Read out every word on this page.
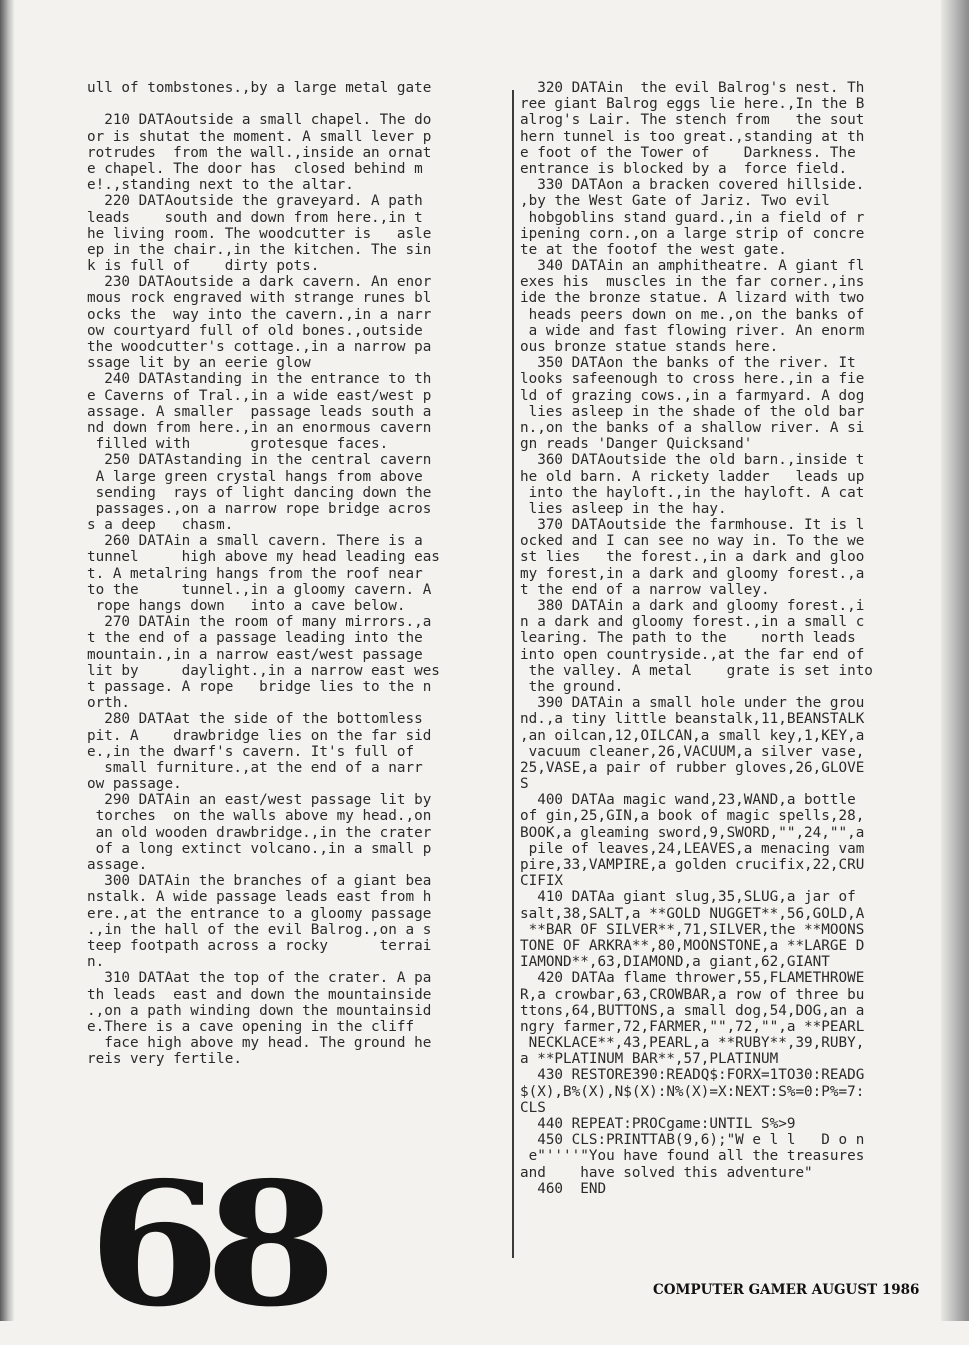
ull of tombstones.,by a large metal gate
210 DATAoutside a small chapel. The do
or is shutat the moment. A small lever p
rotrudes  from the wall.,inside an ornat
e chapel. The door has  closed behind m
e!.,standing next to the altar.
220 DATAoutside the graveyard. A path
leads    south and down from here.,in t
he living room. The woodcutter is   asle
ep in the chair.,in the kitchen. The sin
k is full of    dirty pots.
230 DATAoutside a dark cavern. An enor
mous rock engraved with strange runes bl
ocks the  way into the cavern.,in a narr
ow courtyard full of old bones.,outside
the woodcutter's cottage.,in a narrow pa
ssage lit by an eerie glow
240 DATAstanding in the entrance to th
e Caverns of Tral.,in a wide east/west p
assage. A smaller  passage leads south a
nd down from here.,in an enormous cavern
filled with       grotesque faces.
250 DATAstanding in the central cavern
A large green crystal hangs from above
sending  rays of light dancing down the
passages.,on a narrow rope bridge acros
s a deep   chasm.
260 DATAin a small cavern. There is a
tunnel     high above my head leading eas
t. A metalring hangs from the roof near
to the     tunnel.,in a gloomy cavern. A
rope hangs down   into a cave below.
270 DATAin the room of many mirrors.,a
t the end of a passage leading into the
mountain.,in a narrow east/west passage
lit by     daylight.,in a narrow east wes
t passage. A rope   bridge lies to the n
orth.
280 DATAat the side of the bottomless
pit. A    drawbridge lies on the far sid
e.,in the dwarf's cavern. It's full of
small furniture.,at the end of a narr
ow passage.
290 DATAin an east/west passage lit by
torches  on the walls above my head.,on
an old wooden drawbridge.,in the crater
of a long extinct volcano.,in a small p
assage.
300 DATAin the branches of a giant bea
nstalk. A wide passage leads east from h
ere.,at the entrance to a gloomy passage
.,in the hall of the evil Balrog.,on a s
teep footpath across a rocky      terrai
n.
310 DATAat the top of the crater. A pa
th leads  east and down the mountainside
.,on a path winding down the mountainsid
e.There is a cave opening in the cliff
face high above my head. The ground he
reis very fertile.
320 DATAin  the evil Balrog's nest. Th
ree giant Balrog eggs lie here.,In the B
alrog's Lair. The stench from   the sout
hern tunnel is too great.,standing at th
e foot of the Tower of    Darkness. The
entrance is blocked by a  force field.
330 DATAon a bracken covered hillside.
,by the West Gate of Jariz. Two evil
hobgoblins stand guard.,in a field of r
ipening corn.,on a large strip of concre
te at the footof the west gate.
340 DATAin an amphitheatre. A giant fl
exes his  muscles in the far corner.,ins
ide the bronze statue. A lizard with two
heads peers down on me.,on the banks of
a wide and fast flowing river. An enorm
ous bronze statue stands here.
350 DATAon the banks of the river. It
looks safeenough to cross here.,in a fie
ld of grazing cows.,in a farmyard. A dog
lies asleep in the shade of the old bar
n.,on the banks of a shallow river. A si
gn reads 'Danger Quicksand'
360 DATAoutside the old barn.,inside t
he old barn. A rickety ladder   leads up
into the hayloft.,in the hayloft. A cat
lies asleep in the hay.
370 DATAoutside the farmhouse. It is l
ocked and I can see no way in. To the we
st lies   the forest.,in a dark and gloo
my forest,in a dark and gloomy forest.,a
t the end of a narrow valley.
380 DATAin a dark and gloomy forest.,i
n a dark and gloomy forest.,in a small c
learing. The path to the    north leads
into open countryside.,at the far end of
the valley. A metal    grate is set into
the ground.
390 DATAin a small hole under the grou
nd.,a tiny little beanstalk,11,BEANSTALK
,an oilcan,12,OILCAN,a small key,1,KEY,a
vacuum cleaner,26,VACUUM,a silver vase,
25,VASE,a pair of rubber gloves,26,GLOVE
S
400 DATAa magic wand,23,WAND,a bottle
of gin,25,GIN,a book of magic spells,28,
BOOK,a gleaming sword,9,SWORD,"",24,"",a
pile of leaves,24,LEAVES,a menacing vam
pire,33,VAMPIRE,a golden crucifix,22,CRU
CIFIX
410 DATAa giant slug,35,SLUG,a jar of
salt,38,SALT,a **GOLD NUGGET**,56,GOLD,A
**BAR OF SILVER**,71,SILVER,the **MOONS
TONE OF ARKRA**,80,MOONSTONE,a **LARGE D
IAMOND**,63,DIAMOND,a giant,62,GIANT
420 DATAa flame thrower,55,FLAMETHROWE
R,a crowbar,63,CROWBAR,a row of three bu
ttons,64,BUTTONS,a small dog,54,DOG,an a
ngry farmer,72,FARMER,"",72,"",a **PEARL
NECKLACE**,43,PEARL,a **RUBY**,39,RUBY,
a **PLATINUM BAR**,57,PLATINUM
430 RESTORE390:READQ$:FORX=1TO30:READG
$(X),B%(X),N$(X):N%(X)=X:NEXT:S%=0:P%=7:
CLS
440 REPEAT:PROCgame:UNTIL S%>9
450 CLS:PRINTTAB(9,6);"W e l l   D o n
e"''''"You have found all the treasures
and    have solved this adventure"
460  END
68	COMPUTER GAMER AUGUST 1986
